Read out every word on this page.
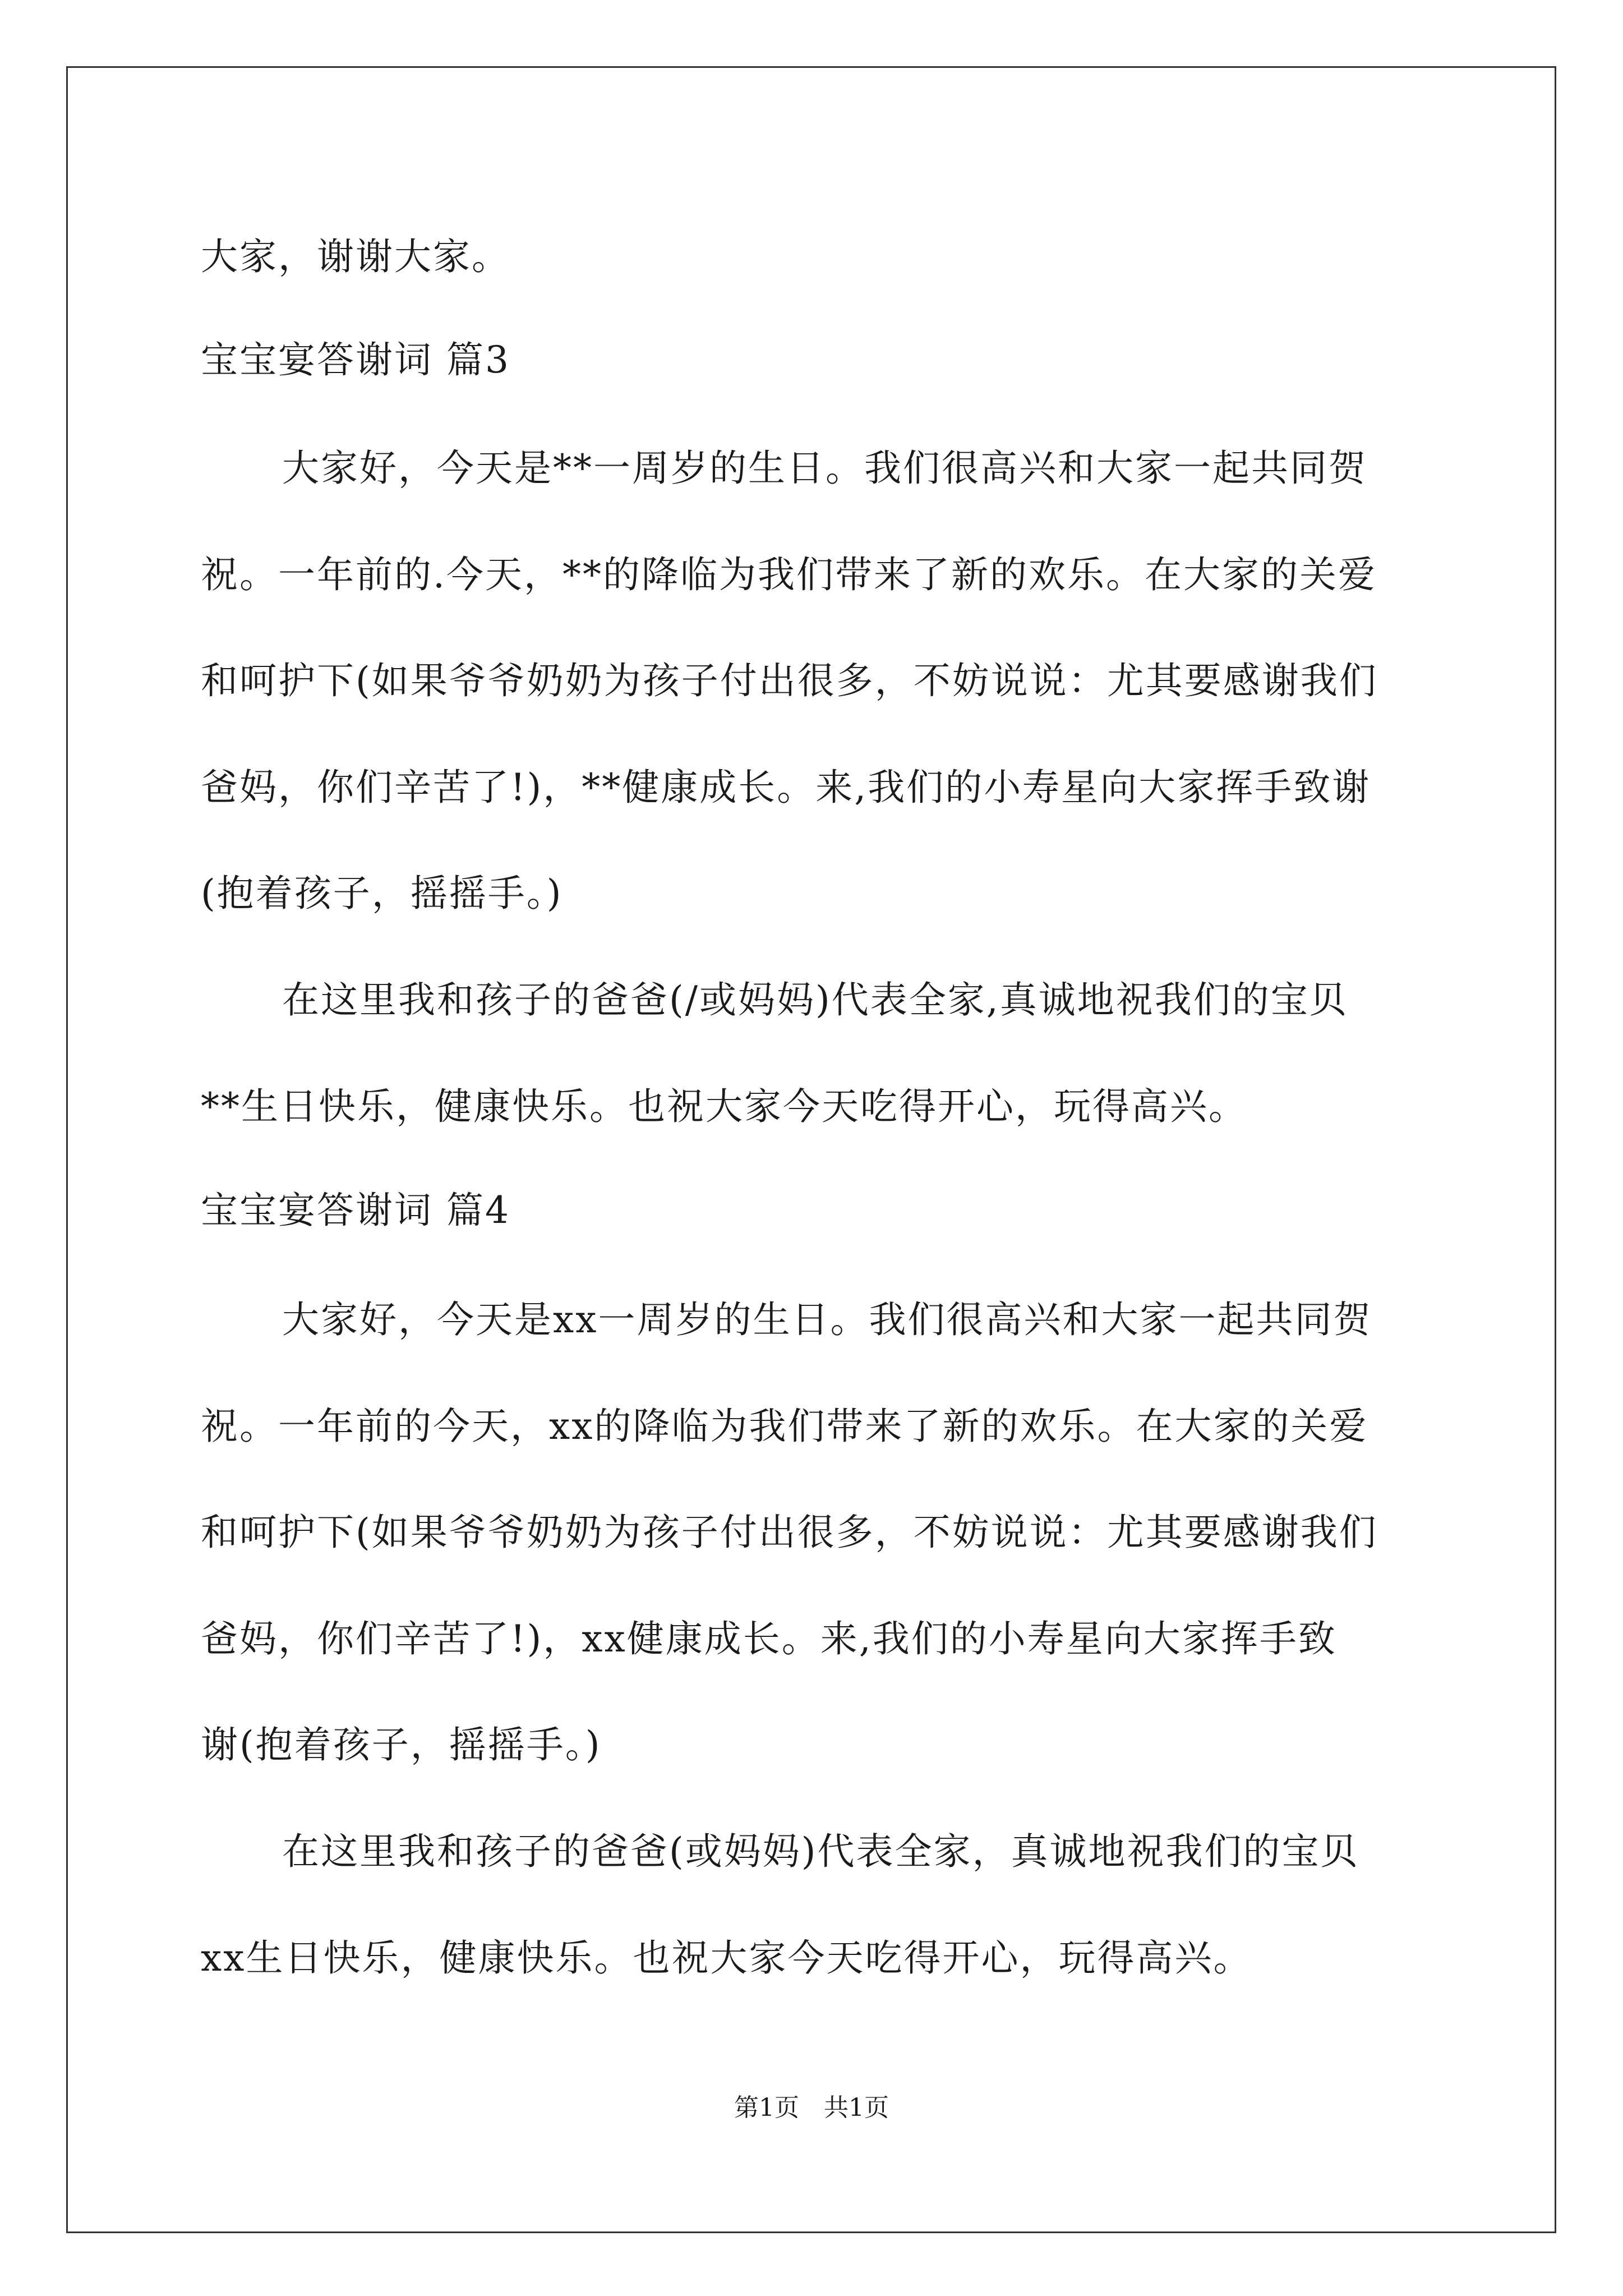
大家，谢谢大家。
宝宝宴答谢词 篇3
大家好，今天是**一周岁的生日。我们很高兴和大家一起共同贺
祝。一年前的.今天，**的降临为我们带来了新的欢乐。在大家的关爱
和呵护下(如果爷爷奶奶为孩子付出很多，不妨说说：尤其要感谢我们
爸妈，你们辛苦了!)，**健康成长。来,我们的小寿星向大家挥手致谢
(抱着孩子，摇摇手。)
在这里我和孩子的爸爸(/或妈妈)代表全家,真诚地祝我们的宝贝
**生日快乐，健康快乐。也祝大家今天吃得开心，玩得高兴。
宝宝宴答谢词 篇4
大家好，今天是xx一周岁的生日。我们很高兴和大家一起共同贺
祝。一年前的今天，xx的降临为我们带来了新的欢乐。在大家的关爱
和呵护下(如果爷爷奶奶为孩子付出很多，不妨说说：尤其要感谢我们
爸妈，你们辛苦了!)，xx健康成长。来,我们的小寿星向大家挥手致
谢(抱着孩子，摇摇手。)
在这里我和孩子的爸爸(或妈妈)代表全家，真诚地祝我们的宝贝
xx生日快乐，健康快乐。也祝大家今天吃得开心，玩得高兴。
第1页　共1页
